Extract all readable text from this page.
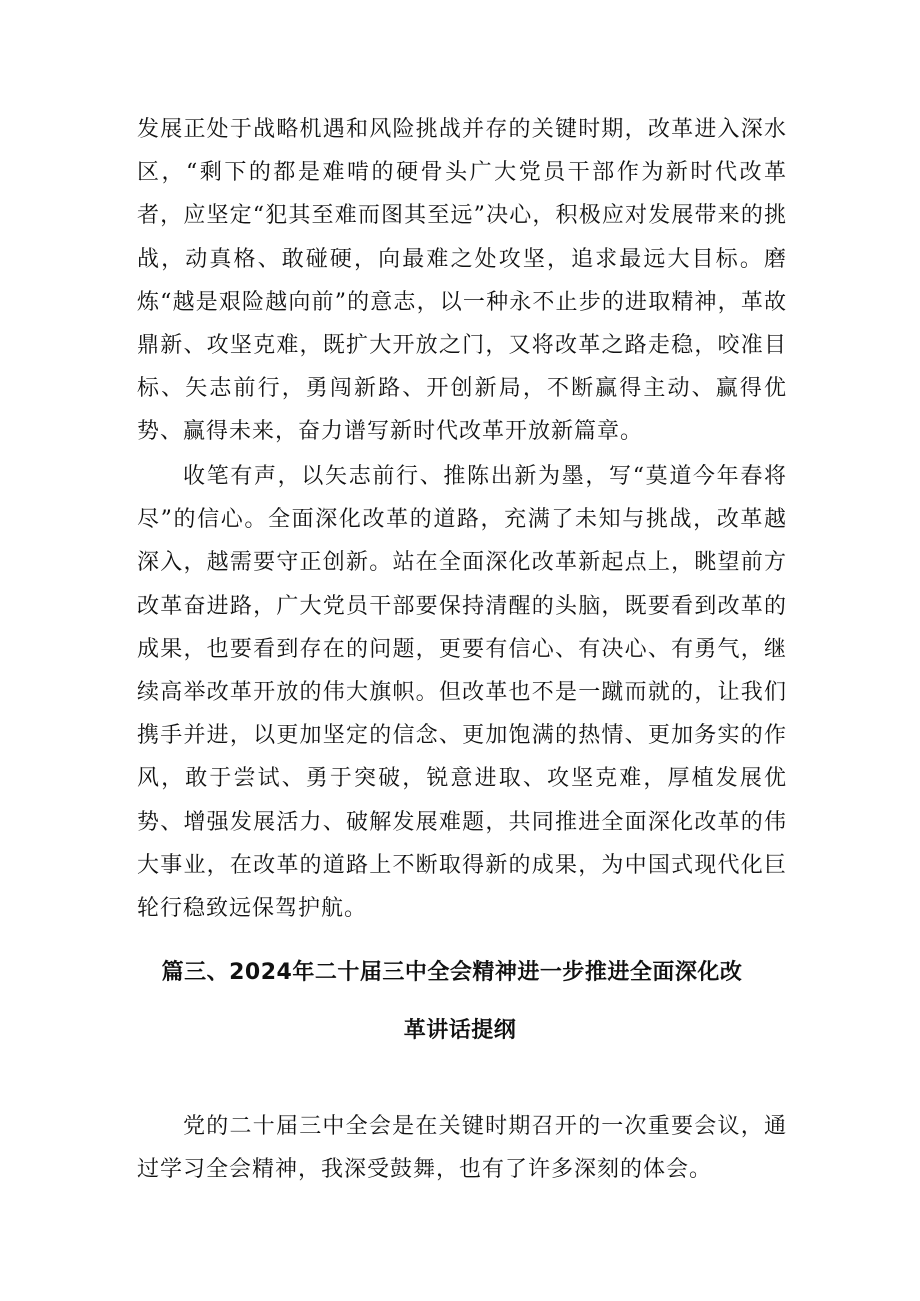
发展正处于战略机遇和风险挑战并存的关键时期，改革进入深水区，“剩下的都是难啃的硬骨头广大党员干部作为新时代改革者，应坚定“犯其至难而图其至远”决心，积极应对发展带来的挑战，动真格、敢碰硬，向最难之处攻坚，追求最远大目标。磨炼“越是艰险越向前”的意志，以一种永不止步的进取精神，革故鼎新、攻坚克难，既扩大开放之门，又将改革之路走稳，咬准目标、矢志前行，勇闯新路、开创新局，不断赢得主动、赢得优势、赢得未来，奋力谱写新时代改革开放新篇章。

收笔有声，以矢志前行、推陈出新为墨，写“莫道今年春将尽”的信心。全面深化改革的道路，充满了未知与挑战，改革越深入，越需要守正创新。站在全面深化改革新起点上，眺望前方改革奋进路，广大党员干部要保持清醒的头脑，既要看到改革的成果，也要看到存在的问题，更要有信心、有决心、有勇气，继续高举改革开放的伟大旗帜。但改革也不是一蹴而就的，让我们携手并进，以更加坚定的信念、更加饱满的热情、更加务实的作风，敢于尝试、勇于突破，锐意进取、攻坚克难，厚植发展优势、增强发展活力、破解发展难题，共同推进全面深化改革的伟大事业，在改革的道路上不断取得新的成果，为中国式现代化巨轮行稳致远保驾护航。

篇三、2024年二十届三中全会精神进一步推进全面深化改
革讲话提纲

党的二十届三中全会是在关键时期召开的一次重要会议，通过学习全会精神，我深受鼓舞，也有了许多深刻的体会。
